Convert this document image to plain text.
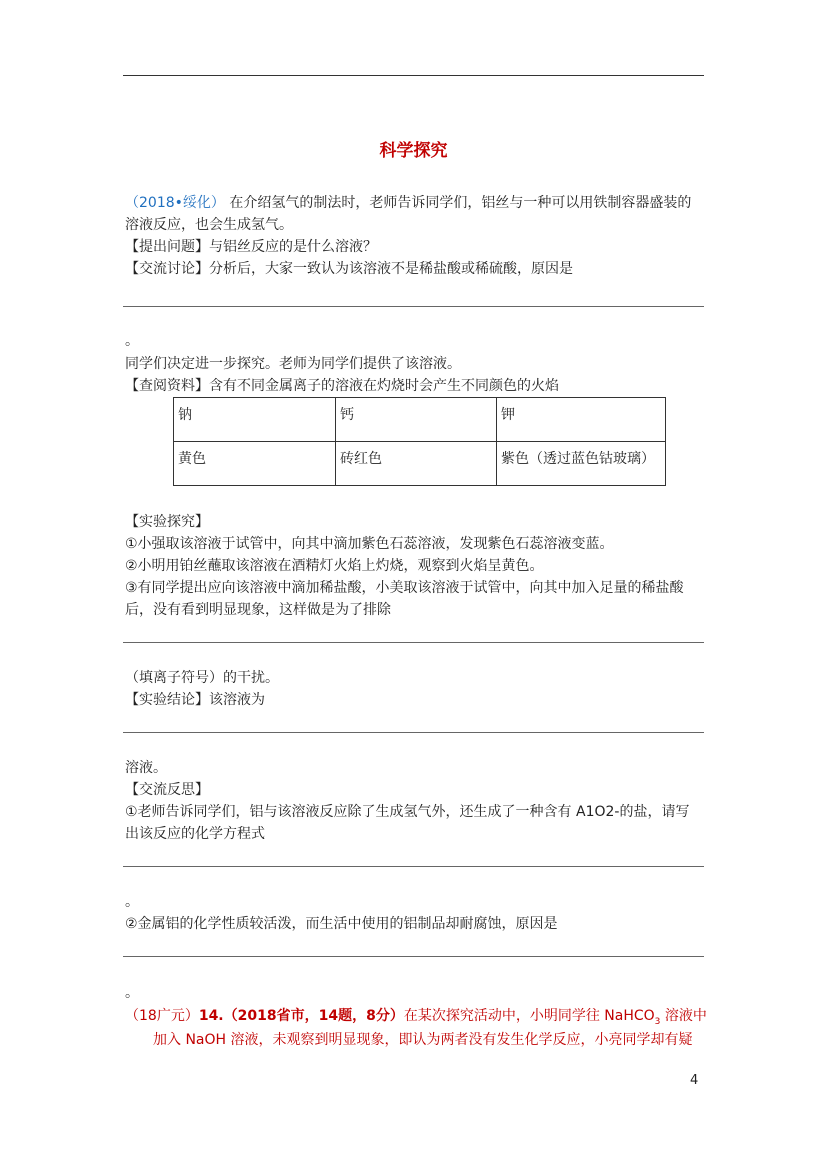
科学探究
（2018•绥化） 在介绍氢气的制法时，老师告诉同学们，铝丝与一种可以用铁制容器盛装的
溶液反应，也会生成氢气。
【提出问题】与铝丝反应的是什么溶液？
【交流讨论】分析后，大家一致认为该溶液不是稀盐酸或稀硫酸，原因是
。
同学们决定进一步探究。老师为同学们提供了该溶液。
【查阅资料】含有不同金属离子的溶液在灼烧时会产生不同颜色的火焰
钠	钙	钾
黄色	砖红色	紫色（透过蓝色钴玻璃）
【实验探究】
①小强取该溶液于试管中，向其中滴加紫色石蕊溶液，发现紫色石蕊溶液变蓝。
②小明用铂丝蘸取该溶液在酒精灯火焰上灼烧，观察到火焰呈黄色。
③有同学提出应向该溶液中滴加稀盐酸，小美取该溶液于试管中，向其中加入足量的稀盐酸
后，没有看到明显现象，这样做是为了排除
（填离子符号）的干扰。
【实验结论】该溶液为
溶液。
【交流反思】
①老师告诉同学们，铝与该溶液反应除了生成氢气外，还生成了一种含有 A1O2-的盐，请写
出该反应的化学方程式
。
②金属铝的化学性质较活泼，而生活中使用的铝制品却耐腐蚀，原因是
。
（18广元）14.（2018省市，14题，8分）在某次探究活动中，小明同学往 NaHCO$_3$ 溶液中
加入 NaOH 溶液，未观察到明显现象，即认为两者没有发生化学反应，小亮同学却有疑
4
